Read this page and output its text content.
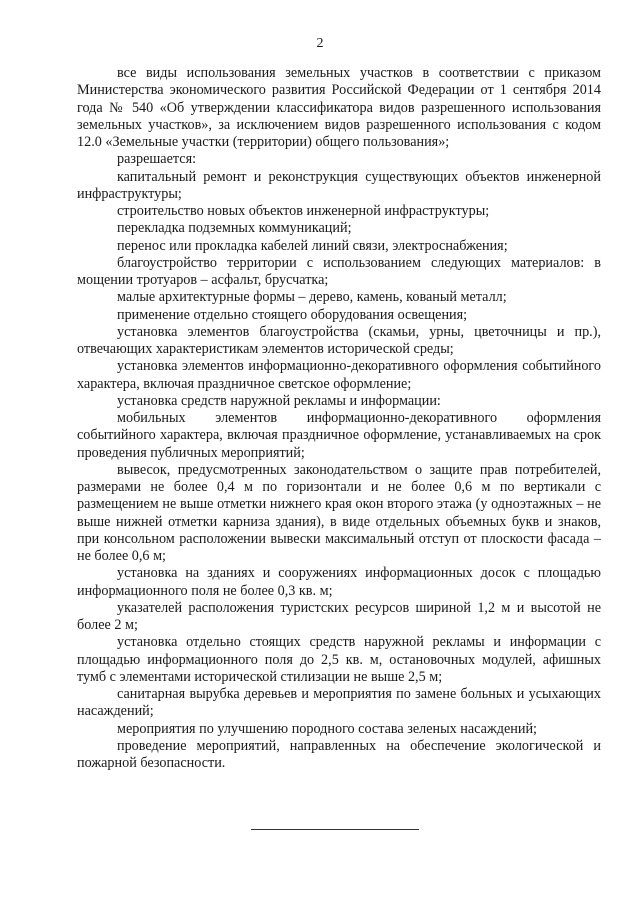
2

все виды использования земельных участков в соответствии с приказом Министерства экономического развития Российской Федерации от 1 сентября 2014 года № 540 «Об утверждении классификатора видов разрешенного использования земельных участков», за исключением видов разрешенного использования с кодом 12.0 «Земельные участки (территории) общего пользования»;

разрешается:

капитальный ремонт и реконструкция существующих объектов инженерной инфраструктуры;

строительство новых объектов инженерной инфраструктуры;

перекладка подземных коммуникаций;

перенос или прокладка кабелей линий связи, электроснабжения;

благоустройство территории с использованием следующих материалов: в мощении тротуаров – асфальт, брусчатка;

малые архитектурные формы – дерево, камень, кованый металл;

применение отдельно стоящего оборудования освещения;

установка элементов благоустройства (скамьи, урны, цветочницы и пр.), отвечающих характеристикам элементов исторической среды;

установка элементов информационно-декоративного оформления событийного характера, включая праздничное светское оформление;

установка средств наружной рекламы и информации:

мобильных элементов информационно-декоративного оформления событийного характера, включая праздничное оформление, устанавливаемых на срок проведения публичных мероприятий;

вывесок, предусмотренных законодательством о защите прав потребителей, размерами не более 0,4 м по горизонтали и не более 0,6 м по вертикали с размещением не выше отметки нижнего края окон второго этажа (у одноэтажных – не выше нижней отметки карниза здания), в виде отдельных объемных букв и знаков, при консольном расположении вывески максимальный отступ от плоскости фасада – не более 0,6 м;

установка на зданиях и сооружениях информационных досок с площадью информационного поля не более 0,3 кв. м;

указателей расположения туристских ресурсов шириной 1,2 м и высотой не более 2 м;

установка отдельно стоящих средств наружной рекламы и информации с площадью информационного поля до 2,5 кв. м, остановочных модулей, афишных тумб с элементами исторической стилизации не выше 2,5 м;

санитарная вырубка деревьев и мероприятия по замене больных и усыхающих насаждений;

мероприятия по улучшению породного состава зеленых насаждений;

проведение мероприятий, направленных на обеспечение экологической и пожарной безопасности.
